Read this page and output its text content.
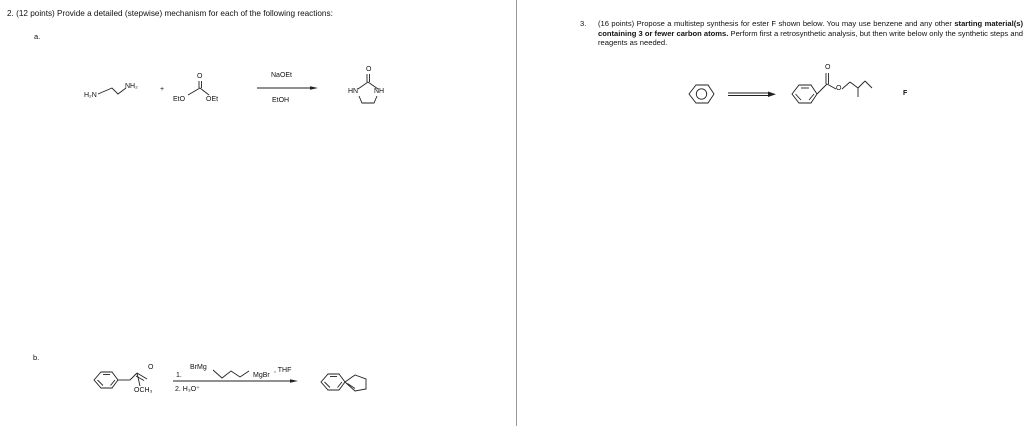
2. (12 points) Provide a detailed (stepwise) mechanism for each of the following reactions:
a.
H₂N
NH₂	+
O
EtO	OEt
NaOEt
EtOH
O
HN NH
b.
O
OCH₃
1.
BrMg
MgBr
, THF
2. H₃O⁺
3.	(16 points) Propose a multistep synthesis for ester F shown below. You may use benzene and any other starting material(s) containing 3 or fewer carbon atoms. Perform first a retrosynthetic analysis, but then write below only the synthetic steps and reagents as needed.
O
O
F
